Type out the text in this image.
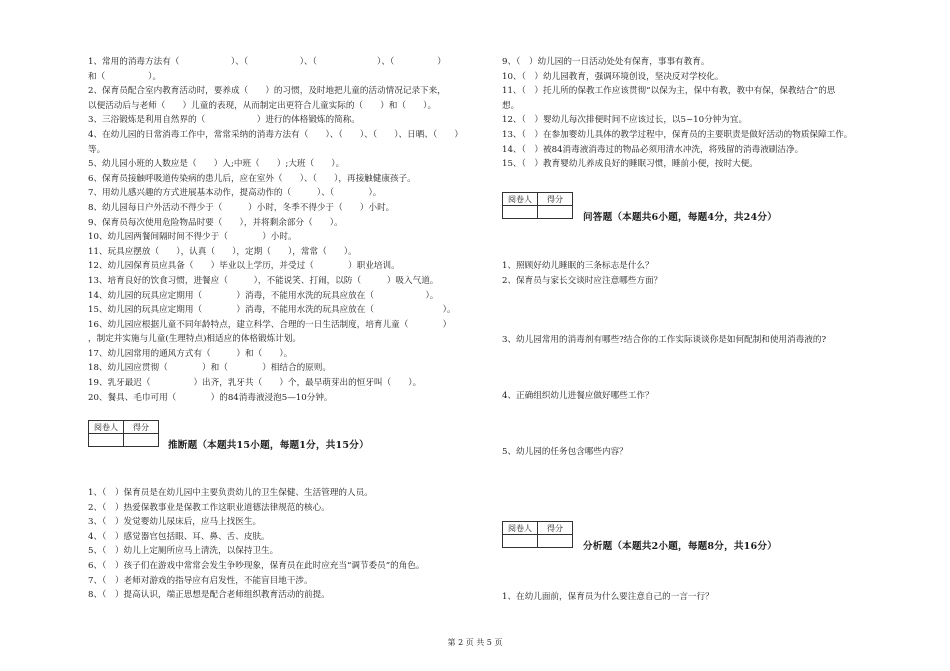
1、常用的消毒方法有（　　　　　　）、（　　　　　　）、（　　　　　　　）、（　　　　　）
和（　　　　　）。
2、保育员配合室内教育活动时，要养成（　　）的习惯，及时地把儿童的活动情况记录下来，
以便活动后与老师（　　）儿童的表现，从而制定出更符合儿童实际的（　　）和（　　）。
3、三浴锻炼是利用自然界的（　　　　　　）进行的体格锻炼的简称。
4、在幼儿园的日常消毒工作中，常常采纳的消毒方法有（　　）、（　　）、（　　）、日晒、（　　）
等。
5、幼儿园小班的人数应是（　　）人;中班（　　）;大班（　　）。
6、保育员接触呼吸道传染病的患儿后，应在室外（　　）、（　　），再接触健康孩子。
7、用幼儿感兴趣的方式进展基本动作，提高动作的（　　　）、（　　　　）。
8、幼儿园每日户外活动不得少于（　　　）小时，冬季不得少于（　　）小时。
9、保育员每次使用危险物品时要（　　），并将剩余部分（　　）。
10、幼儿园两餐间隔时间不得少于（　　　　）小时。
11、玩具应摆放（　　），认真（　　），定期（　　），常常（　　）。
12、幼儿园保育员应具备（　　）毕业以上学历，并受过（　　　　）职业培训。
13、培育良好的饮食习惯，进餐应（　　　），不能说笑、打闹，以防（　　　）吸入气道。
14、幼儿园的玩具应定期用（　　　　）消毒，不能用水洗的玩具应放在（　　　　　　）。
15、幼儿园的玩具应定期用（　　　　）消毒，不能用水洗的玩具应放在（　　　　　　　　）。
16、幼儿园应根据儿童不同年龄特点，建立科学、合理的一日生活制度，培育儿童（　　　　）
，制定并实施与儿童(生理特点)相适应的体格锻炼计划。
17、幼儿园常用的通风方式有（　　　）和（　　）。
18、幼儿园应贯彻（　　　　）和（　　　　）相结合的原则。
19、乳牙最迟（　　　　　）出齐，乳牙共（　　）个，最早萌芽出的恒牙叫（　　）。
20、餐具、毛巾可用（　　　　）的84消毒液浸泡5—10分钟。
阅卷人	得分

推断题（本题共15小题，每题1分，共15分）
1、（　）保育员是在幼儿园中主要负责幼儿的卫生保健、生活管理的人员。
2、（　）热爱保教事业是保教工作这职业道德法律规范的核心。
3、（　）发觉婴幼儿尿床后，应马上找医生。
4、（　）感觉器官包括眼、耳、鼻、舌、皮肤。
5、（　）幼儿上定厕所应马上清洗，以保持卫生。
6、（　）孩子们在游戏中常常会发生争吵现象，保育员在此时应充当“调节委员”的角色。
7、（　）老师对游戏的指导应有启发性，不能盲目地干涉。
8、（　）提高认识，端正思想是配合老师组织教育活动的前提。
9、（　）幼儿园的一日活动处处有保育，事事有教育。
10、（　）幼儿园教育，强调环境创设，坚决反对学校化。
11、（　）托儿所的保教工作应该贯彻“以保为主，保中有教，教中有保，保教结合”的思
想。
12、（　）婴幼儿每次排便时间不应该过长，以5~10分钟为宜。
13、（　）在参加婴幼儿具体的教学过程中，保育员的主要职责是做好活动的物质保障工作。
14、（　）被84消毒液消毒过的物品必须用清水冲洗，将残留的消毒液刷洁净。
15、（　）教育婴幼儿养成良好的睡眠习惯，睡前小便，按时大便。
阅卷人	得分

问答题（本题共6小题，每题4分，共24分）
1、照顾好幼儿睡眠的三条标志是什么？
2、保育员与家长交谈时应注意哪些方面？
3、幼儿园常用的消毒剂有哪些?结合你的工作实际谈谈你是如何配制和使用消毒液的?
4、正确组织幼儿进餐应做好哪些工作？
5、幼儿园的任务包含哪些内容？
阅卷人	得分

分析题（本题共2小题，每题8分，共16分）
1、在幼儿面前，保育员为什么要注意自己的一言一行？
第 2 页 共 5 页
